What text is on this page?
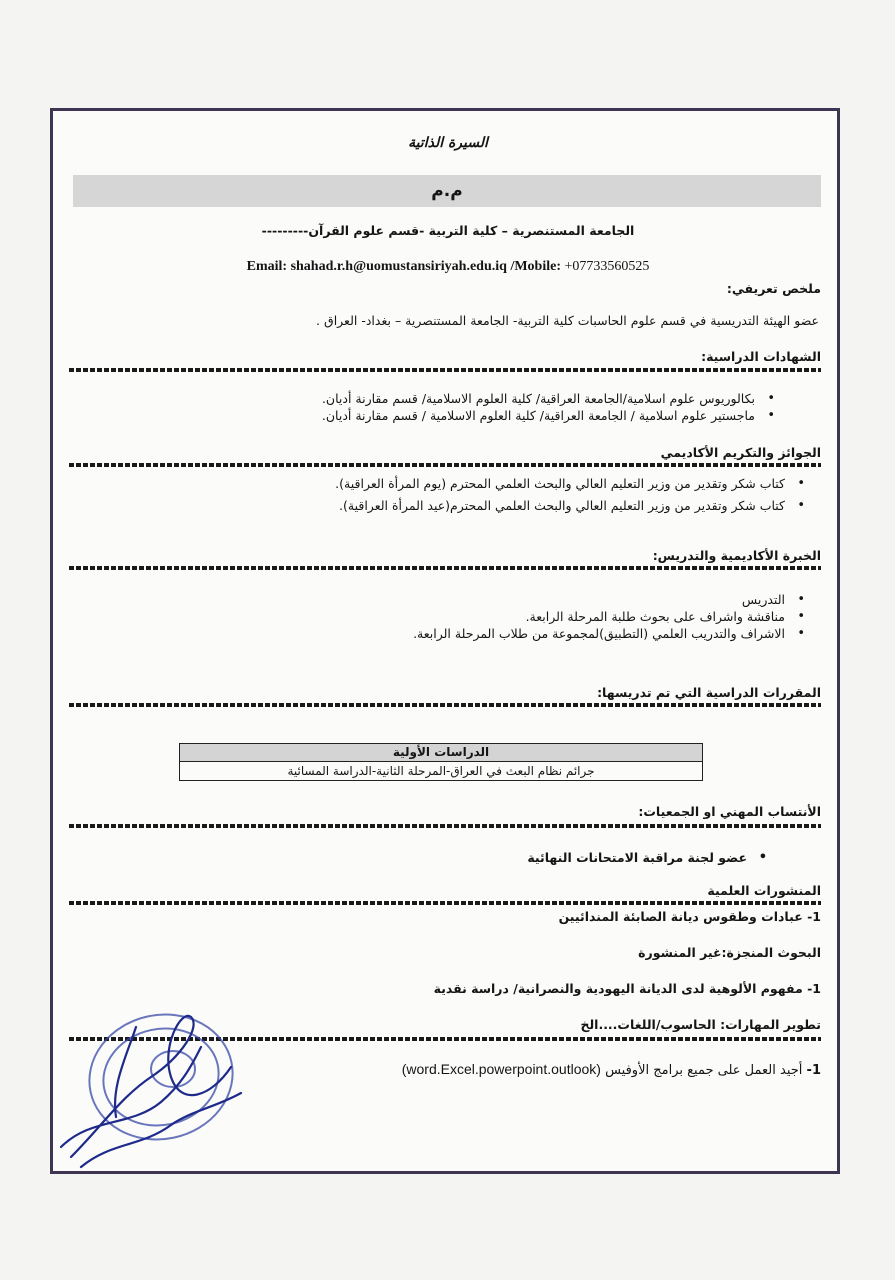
السيرة الذاتية
م.م
الجامعة المستنصرية – كلية التربية -قسم علوم القرآن---------
Email: shahad.r.h@uomustansiriyah.edu.iq /Mobile: +07733560525
ملخص تعريفي:
عضو الهيئة التدريسية في قسم علوم الحاسبات كلية التربية- الجامعة المستنصرية – بغداد- العراق .
الشهادات الدراسية:
• بكالوريوس علوم اسلامية/الجامعة العراقية/ كلية العلوم الاسلامية/ قسم مقارنة أديان.
• ماجستير علوم اسلامية / الجامعة العراقية/ كلية العلوم الاسلامية / قسم مقارنة أديان.
الجوائز والتكريم الأكاديمي
• كتاب شكر وتقدير من وزير التعليم العالي والبحث العلمي المحترم (يوم المرأة العراقية).
• كتاب شكر وتقدير من وزير التعليم العالي والبحث العلمي المحترم(عيد المرأة العراقية).
الخبرة الأكاديمية والتدريس:
• التدريس
• مناقشة واشراف على بحوث طلبة المرحلة الرابعة.
• الاشراف والتدريب العلمي (التطبيق)لمجموعة من طلاب المرحلة الرابعة.
المقررات الدراسية التي تم تدريسها:
الدراسات الأولية
جرائم نظام البعث في العراق-المرحلة الثانية-الدراسة المسائية
الأنتساب المهني او الجمعيات:
• عضو لجنة مراقبة الامتحانات النهائية
المنشورات العلمية
1- عبادات وطقوس ديانة الصابئة المندائيين
البحوث المنجزة:غير المنشورة
1- مفهوم الألوهية لدى الديانة اليهودية والنصرانية/ دراسة نقدية
تطوير المهارات: الحاسوب/اللغات....الخ
1- أجيد العمل على جميع برامج الأوفيس (word.Excel.powerpoint.outlook)
